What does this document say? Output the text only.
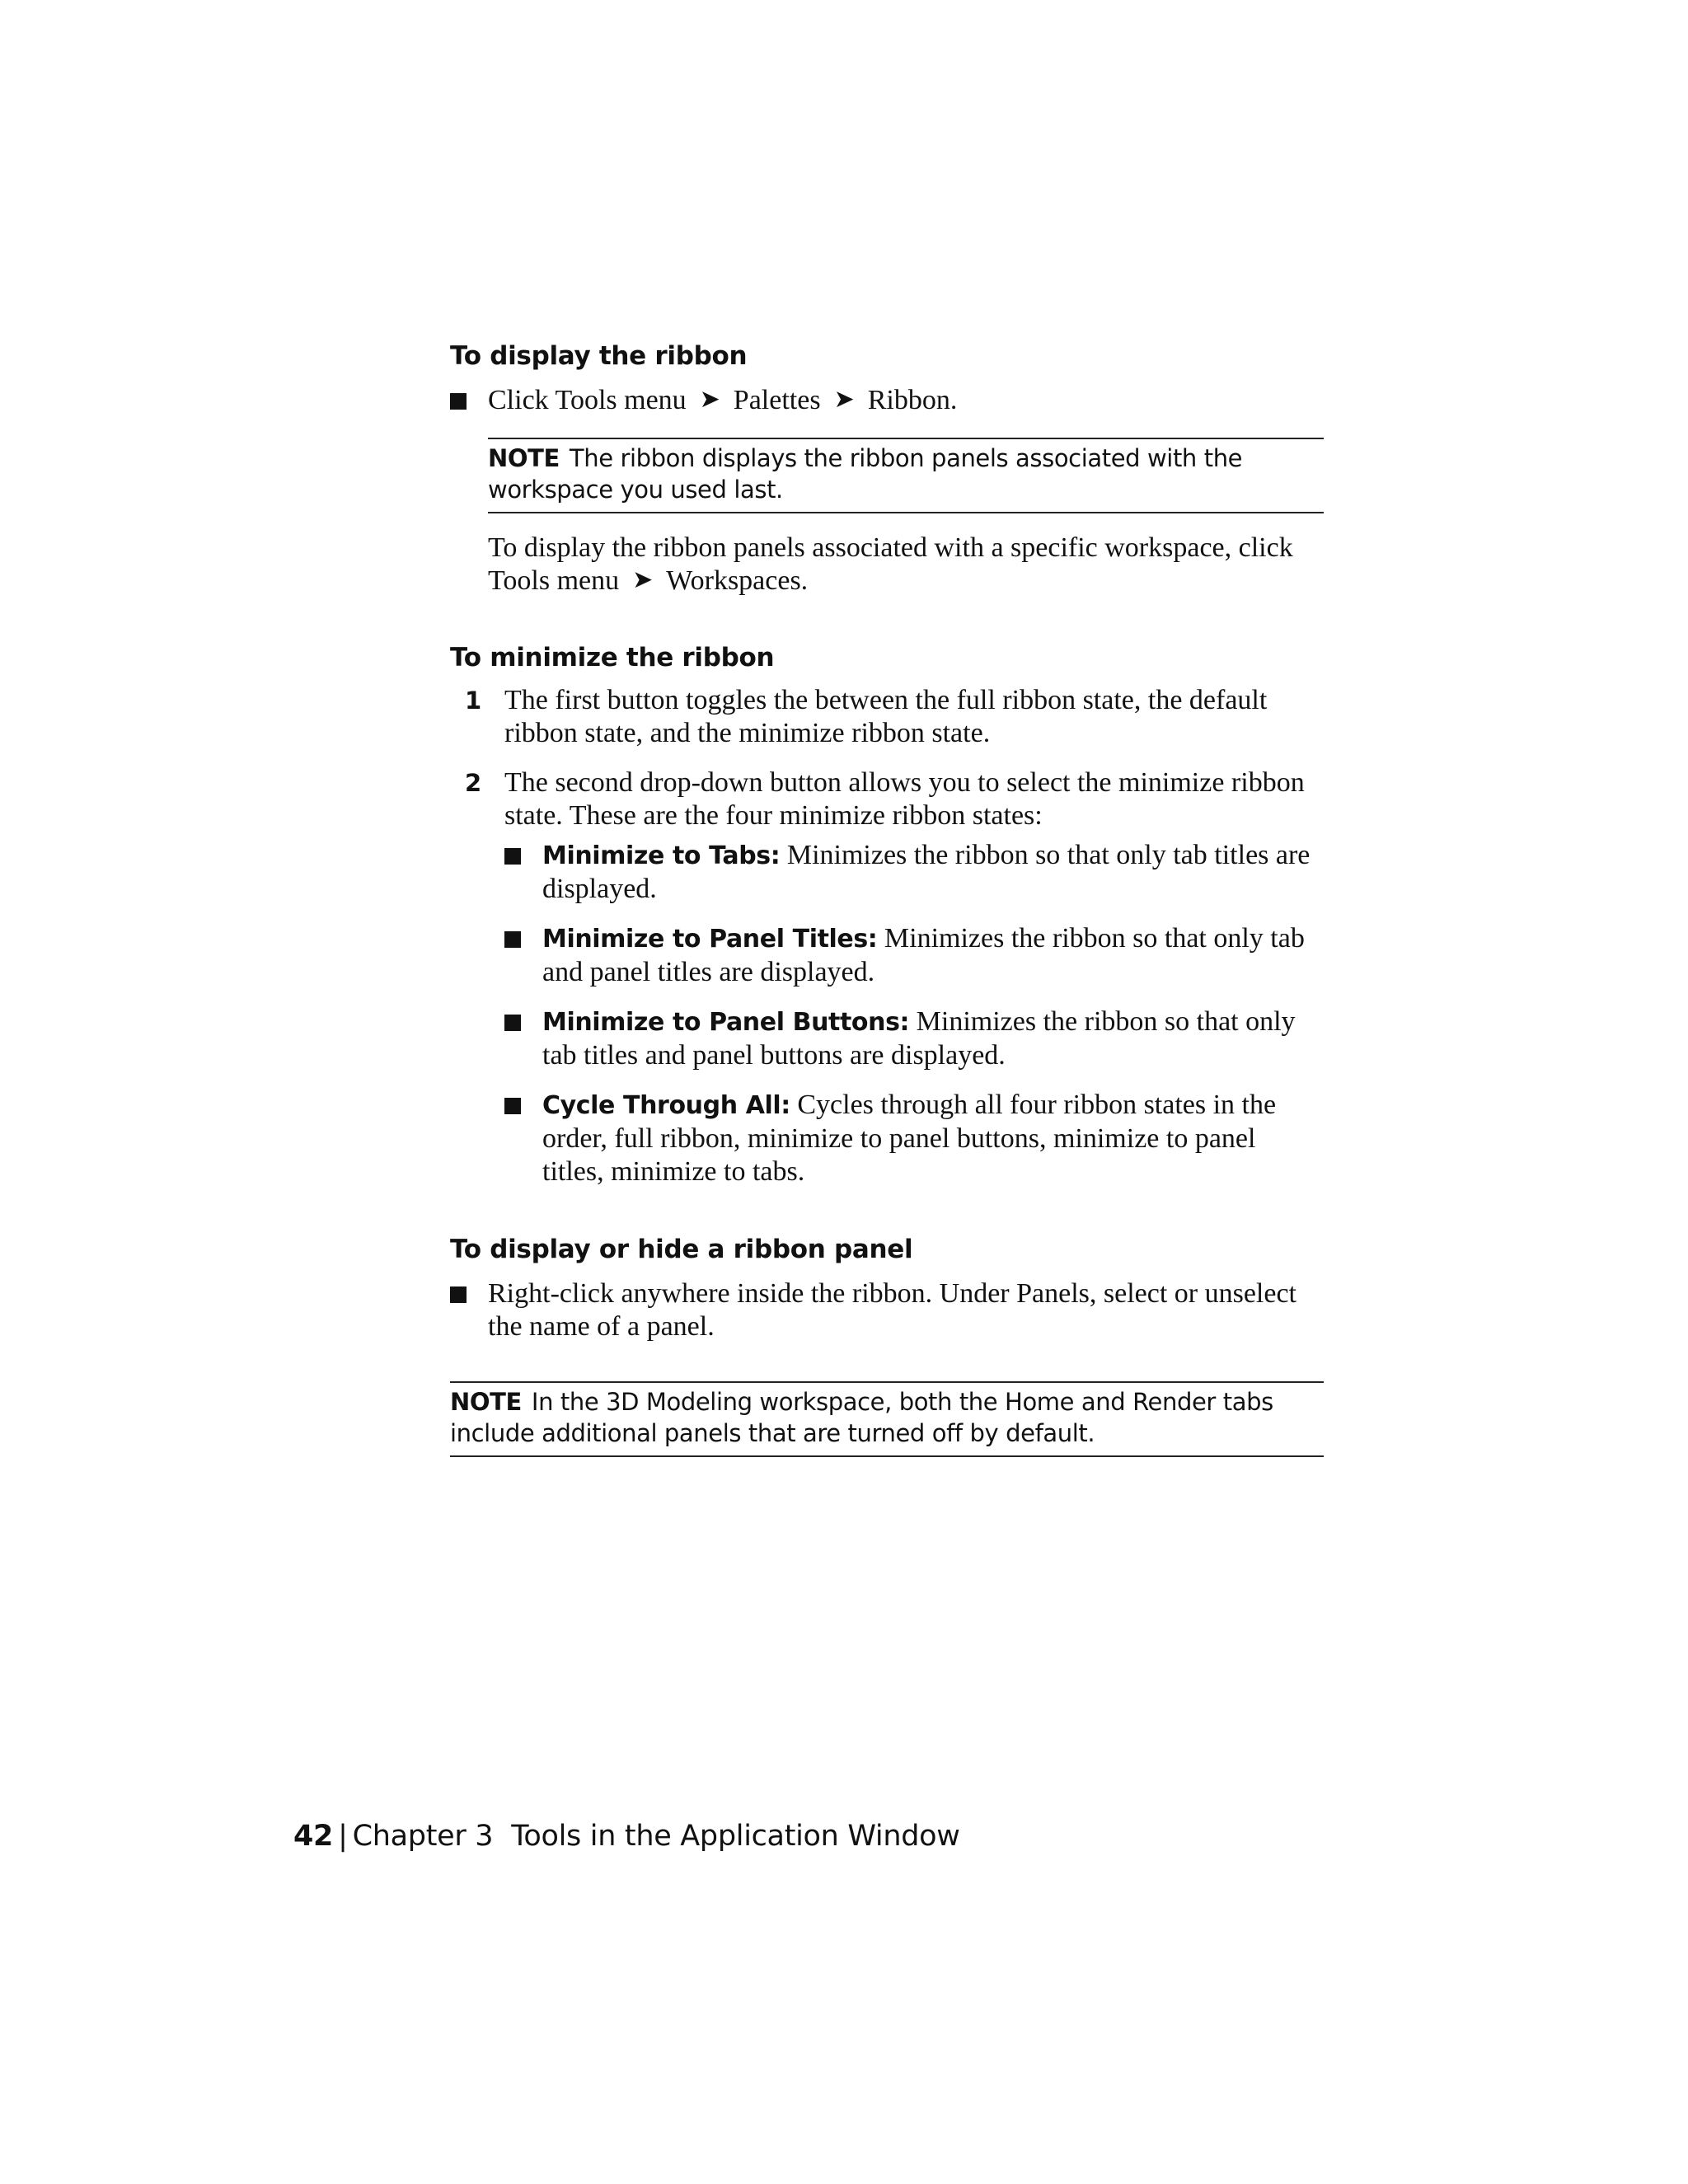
To display the ribbon
Click Tools menu ➤ Palettes ➤ Ribbon.
NOTE The ribbon displays the ribbon panels associated with the workspace you used last.
To display the ribbon panels associated with a specific workspace, click
Tools menu ➤ Workspaces.
To minimize the ribbon
1 The first button toggles the between the full ribbon state, the default ribbon state, and the minimize ribbon state.
2 The second drop-down button allows you to select the minimize ribbon state. These are the four minimize ribbon states:
Minimize to Tabs: Minimizes the ribbon so that only tab titles are displayed.
Minimize to Panel Titles: Minimizes the ribbon so that only tab and panel titles are displayed.
Minimize to Panel Buttons: Minimizes the ribbon so that only tab titles and panel buttons are displayed.
Cycle Through All: Cycles through all four ribbon states in the order, full ribbon, minimize to panel buttons, minimize to panel titles, minimize to tabs.
To display or hide a ribbon panel
Right-click anywhere inside the ribbon. Under Panels, select or unselect the name of a panel.
NOTE In the 3D Modeling workspace, both the Home and Render tabs include additional panels that are turned off by default.
42 | Chapter 3 Tools in the Application Window
